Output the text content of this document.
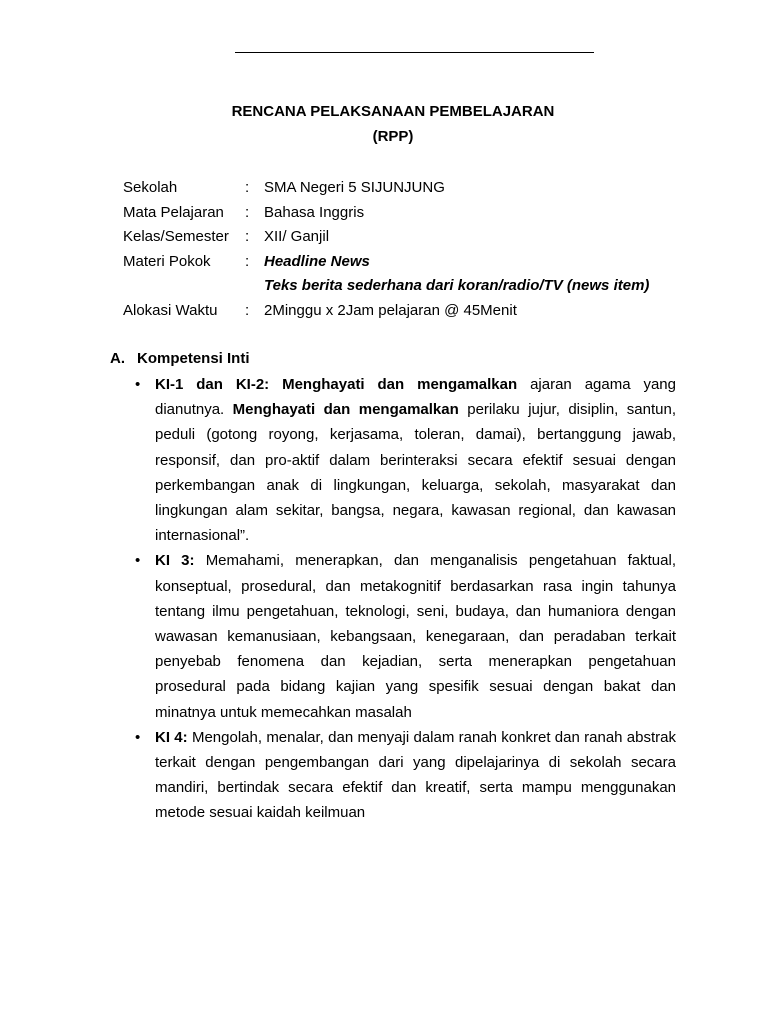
RENCANA PELAKSANAAN PEMBELAJARAN
(RPP)
Sekolah	: SMA Negeri 5 SIJUNJUNG
Mata Pelajaran : Bahasa Inggris
Kelas/Semester : XII/ Ganjil
Materi Pokok : Headline News
Teks berita sederhana dari koran/radio/TV (news item)
Alokasi Waktu : 2Minggu x 2Jam pelajaran @ 45Menit
A. Kompetensi Inti
• KI-1 dan KI-2: Menghayati dan mengamalkan ajaran agama yang dianutnya. Menghayati dan mengamalkan perilaku jujur, disiplin, santun, peduli (gotong royong, kerjasama, toleran, damai), bertanggung jawab, responsif, dan pro-aktif dalam berinteraksi secara efektif sesuai dengan perkembangan anak di lingkungan, keluarga, sekolah, masyarakat dan lingkungan alam sekitar, bangsa, negara, kawasan regional, dan kawasan internasional”.
• KI 3: Memahami, menerapkan, dan menganalisis pengetahuan faktual, konseptual, prosedural, dan metakognitif berdasarkan rasa ingin tahunya tentang ilmu pengetahuan, teknologi, seni, budaya, dan humaniora dengan wawasan kemanusiaan, kebangsaan, kenegaraan, dan peradaban terkait penyebab fenomena dan kejadian, serta menerapkan pengetahuan prosedural pada bidang kajian yang spesifik sesuai dengan bakat dan minatnya untuk memecahkan masalah
• KI 4: Mengolah, menalar, dan menyaji dalam ranah konkret dan ranah abstrak terkait dengan pengembangan dari yang dipelajarinya di sekolah secara mandiri, bertindak secara efektif dan kreatif, serta mampu menggunakan metode sesuai kaidah keilmuan
